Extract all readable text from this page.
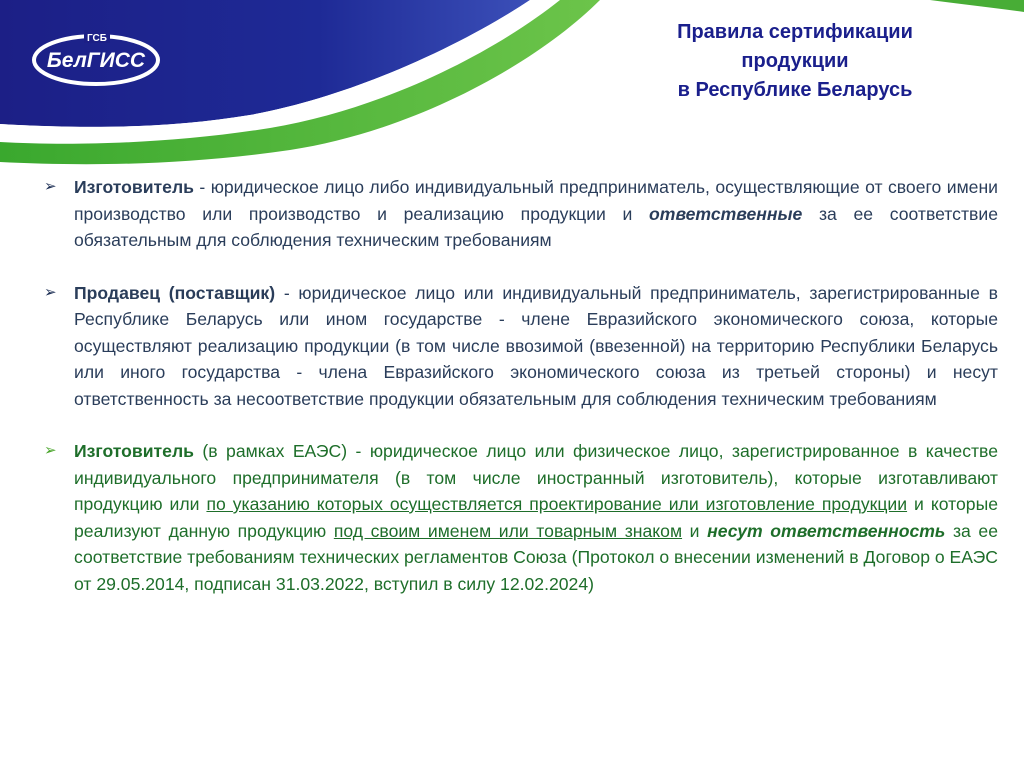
БелГИСС
ГСБ	Правила сертификации
продукции
в Республике Беларусь
➢ Изготовитель - юридическое лицо либо индивидуальный предприниматель, осуществляющие от своего имени производство или производство и реализацию продукции и ответственные за ее соответствие обязательным для соблюдения техническим требованиям
➢ Продавец (поставщик) - юридическое лицо или индивидуальный предприниматель, зарегистрированные в Республике Беларусь или ином государстве - члене Евразийского экономического союза, которые осуществляют реализацию продукции (в том числе ввозимой (ввезенной) на территорию Республики Беларусь или иного государства - члена Евразийского экономического союза из третьей стороны) и несут ответственность за несоответствие продукции обязательным для соблюдения техническим требованиям
➢ Изготовитель (в рамках ЕАЭС) - юридическое лицо или физическое лицо, зарегистрированное в качестве индивидуального предпринимателя (в том числе иностранный изготовитель), которые изготавливают продукцию или по указанию которых осуществляется проектирование или изготовление продукции и которые реализуют данную продукцию под своим именем или товарным знаком и несут ответственность за ее соответствие требованиям технических регламентов Союза (Протокол о внесении изменений в Договор о ЕАЭС от 29.05.2014, подписан 31.03.2022, вступил в силу 12.02.2024)
